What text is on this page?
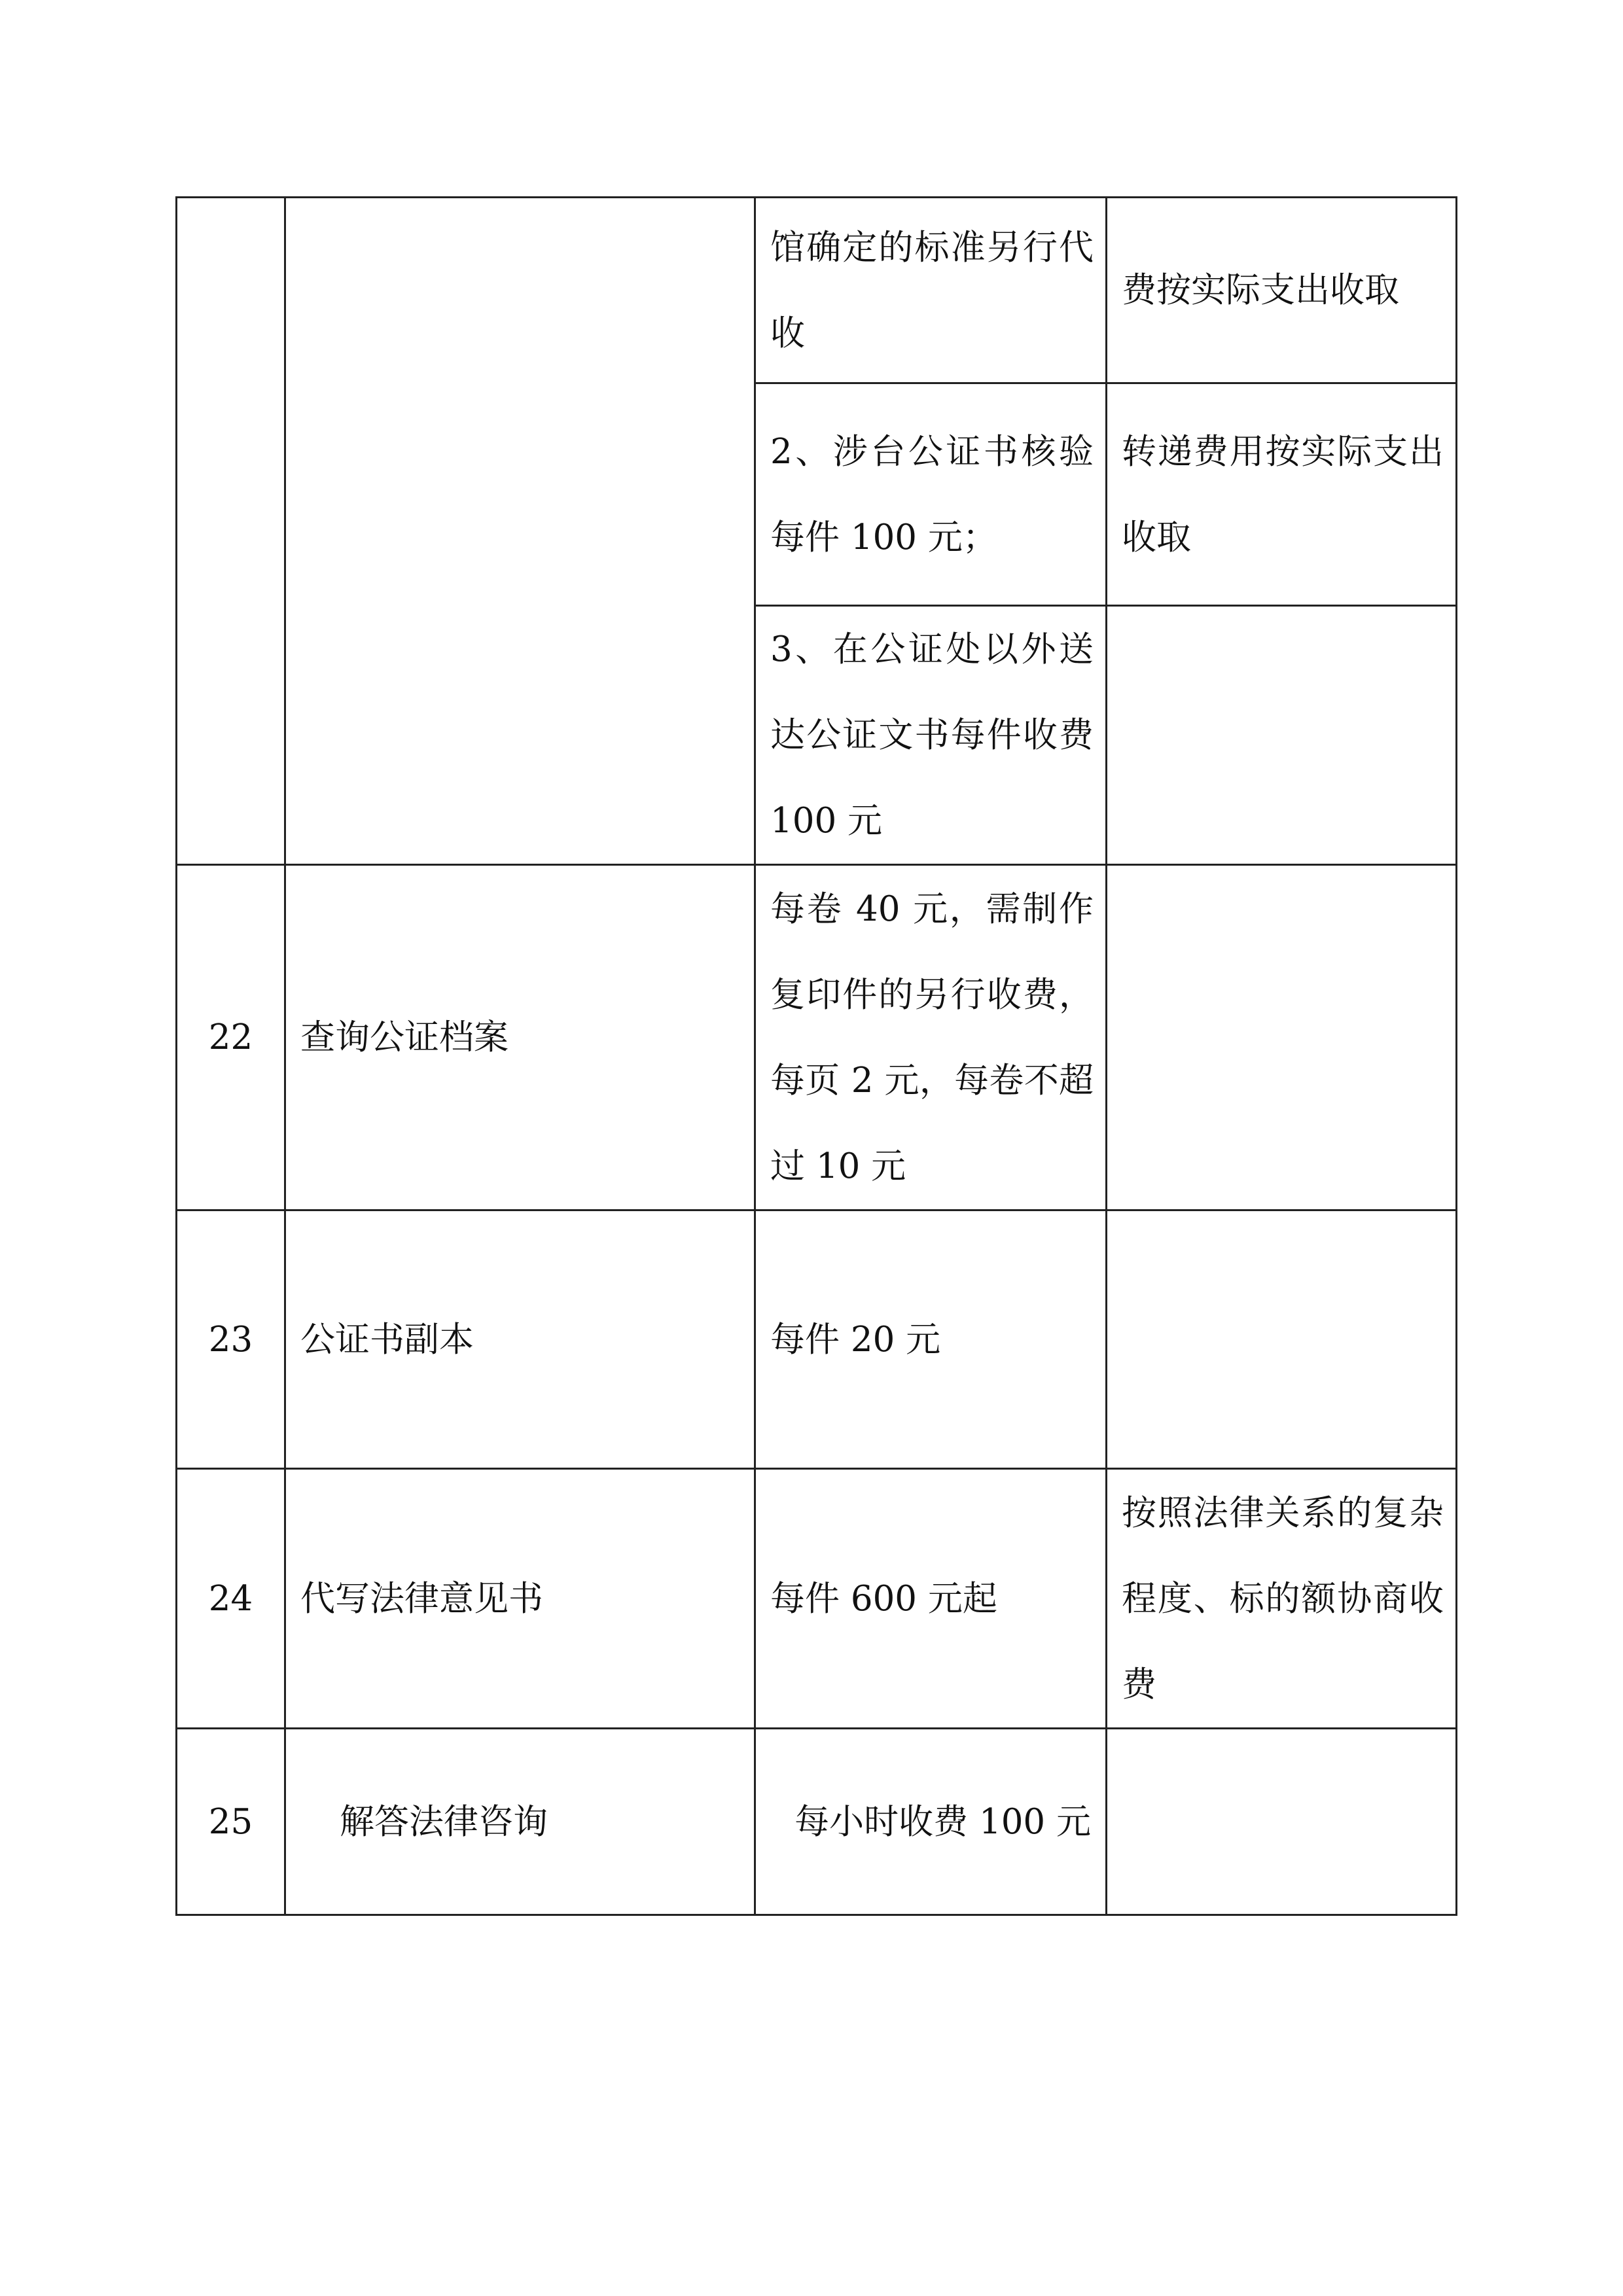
		馆确定的标准另行代收	费按实际支出收取

		2、涉台公证书核验每件 100 元；	转递费用按实际支出收取

		3、在公证处以外送达公证文书每件收费 100 元	

22	查询公证档案	每卷 40 元，需制作复印件的另行收费，每页 2 元，每卷不超过 10 元	

23	公证书副本	每件 20 元	

24	代写法律意见书	每件 600 元起	按照法律关系的复杂程度、标的额协商收费

25	解答法律咨询	每小时收费 100 元	
